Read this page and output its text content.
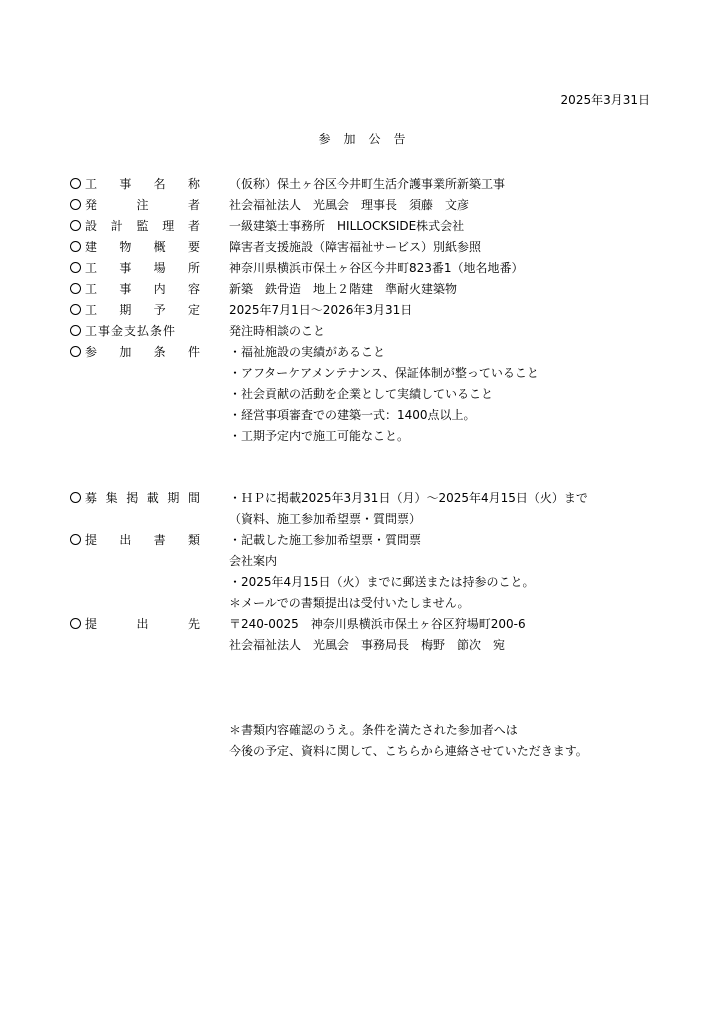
2025年3月31日
参加公告
工 事 名 称 （仮称）保土ヶ谷区今井町生活介護事業所新築工事
発	注	者 社会福祉法人　光風会　理事長　須藤　文彦
設 計 監 理 者 一級建築士事務所　HILLOCKSIDE株式会社
建 物 概 要 障害者支援施設（障害福祉サービス）別紙参照
工 事 場 所 神奈川県横浜市保土ヶ谷区今井町823番1（地名地番）
工 事 内 容 新築　鉄骨造　地上２階建　準耐火建築物
工 期 予 定 2025年7月1日～2026年3月31日
工事金支払条件	発注時相談のこと
参 加 条 件 ・福祉施設の実績があること
・アフターケアメンテナンス、保証体制が整っていること
・社会貢献の活動を企業として実績していること
・経営事項審査での建築一式：1400点以上。
・工期予定内で施工可能なこと。
募 集 掲 載 期 間 ・ＨＰに掲載2025年3月31日（月）～2025年4月15日（火）まで
（資料、施工参加希望票・質問票）
提 出 書 類 ・記載した施工参加希望票・質問票
会社案内
・2025年4月15日（火）までに郵送または持参のこと。
＊メールでの書類提出は受付いたしません。
提	出	先 〒240-0025　神奈川県横浜市保土ヶ谷区狩場町200-6
社会福祉法人　光風会　事務局長　梅野　節次　宛
＊書類内容確認のうえ。条件を満たされた参加者へは
今後の予定、資料に関して、こちらから連絡させていただきます。
